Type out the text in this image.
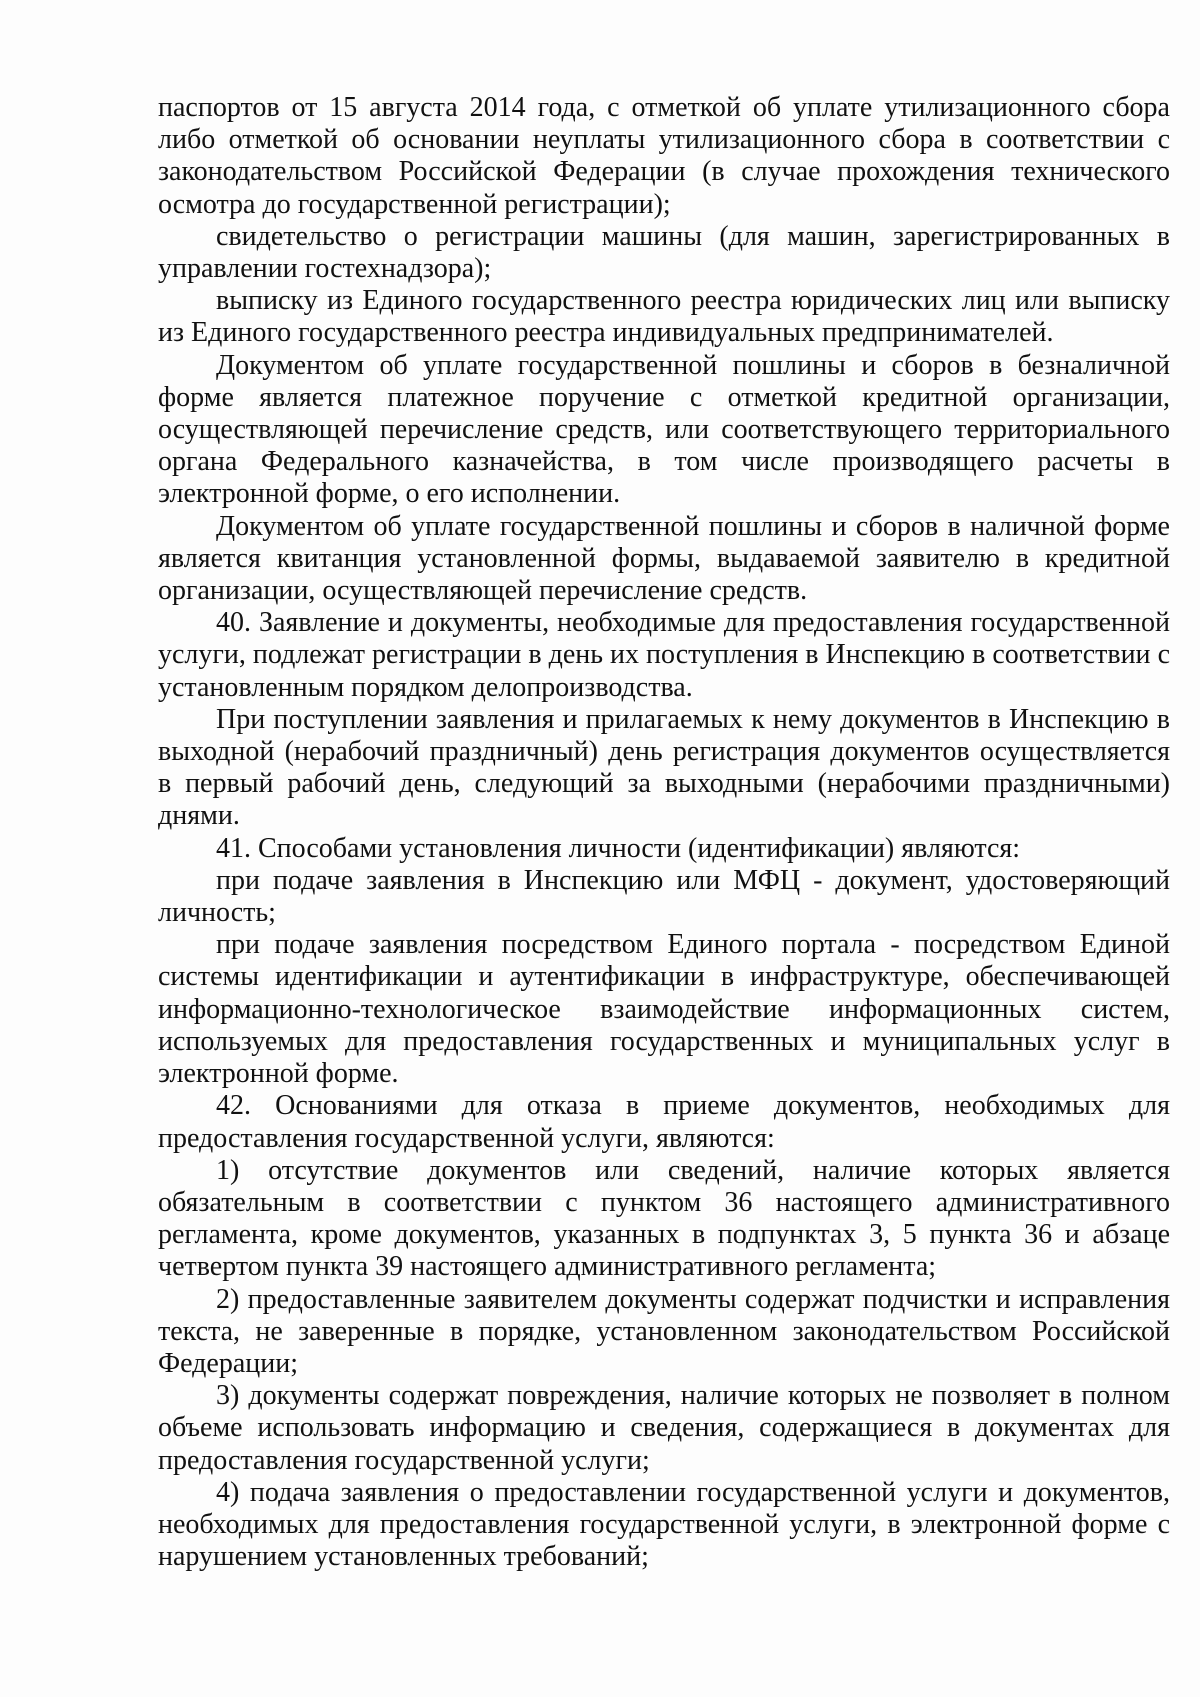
паспортов от 15 августа 2014 года, с отметкой об уплате утилизационного сбора либо отметкой об основании неуплаты утилизационного сбора в соответствии с законодательством Российской Федерации (в случае прохождения технического осмотра до государственной регистрации);

свидетельство о регистрации машины (для машин, зарегистрированных в управлении гостехнадзора);

выписку из Единого государственного реестра юридических лиц или выписку из Единого государственного реестра индивидуальных предпринимателей.

Документом об уплате государственной пошлины и сборов в безналичной форме является платежное поручение с отметкой кредитной организации, осуществляющей перечисление средств, или соответствующего территориального органа Федерального казначейства, в том числе производящего расчеты в электронной форме, о его исполнении.

Документом об уплате государственной пошлины и сборов в наличной форме является квитанция установленной формы, выдаваемой заявителю в кредитной организации, осуществляющей перечисление средств.

40. Заявление и документы, необходимые для предоставления государственной услуги, подлежат регистрации в день их поступления в Инспекцию в соответствии с установленным порядком делопроизводства.

При поступлении заявления и прилагаемых к нему документов в Инспекцию в выходной (нерабочий праздничный) день регистрация документов осуществляется в первый рабочий день, следующий за выходными (нерабочими праздничными) днями.

41. Способами установления личности (идентификации) являются:

при подаче заявления в Инспекцию или МФЦ - документ, удостоверяющий личность;

при подаче заявления посредством Единого портала - посредством Единой системы идентификации и аутентификации в инфраструктуре, обеспечивающей информационно-технологическое взаимодействие информационных систем, используемых для предоставления государственных и муниципальных услуг в электронной форме.

42. Основаниями для отказа в приеме документов, необходимых для предоставления государственной услуги, являются:

1) отсутствие документов или сведений, наличие которых является обязательным в соответствии с пунктом 36 настоящего административного регламента, кроме документов, указанных в подпунктах 3, 5 пункта 36 и абзаце четвертом пункта 39 настоящего административного регламента;

2) предоставленные заявителем документы содержат подчистки и исправления текста, не заверенные в порядке, установленном законодательством Российской Федерации;

3) документы содержат повреждения, наличие которых не позволяет в полном объеме использовать информацию и сведения, содержащиеся в документах для предоставления государственной услуги;

4) подача заявления о предоставлении государственной услуги и документов, необходимых для предоставления государственной услуги, в электронной форме с нарушением установленных требований;
